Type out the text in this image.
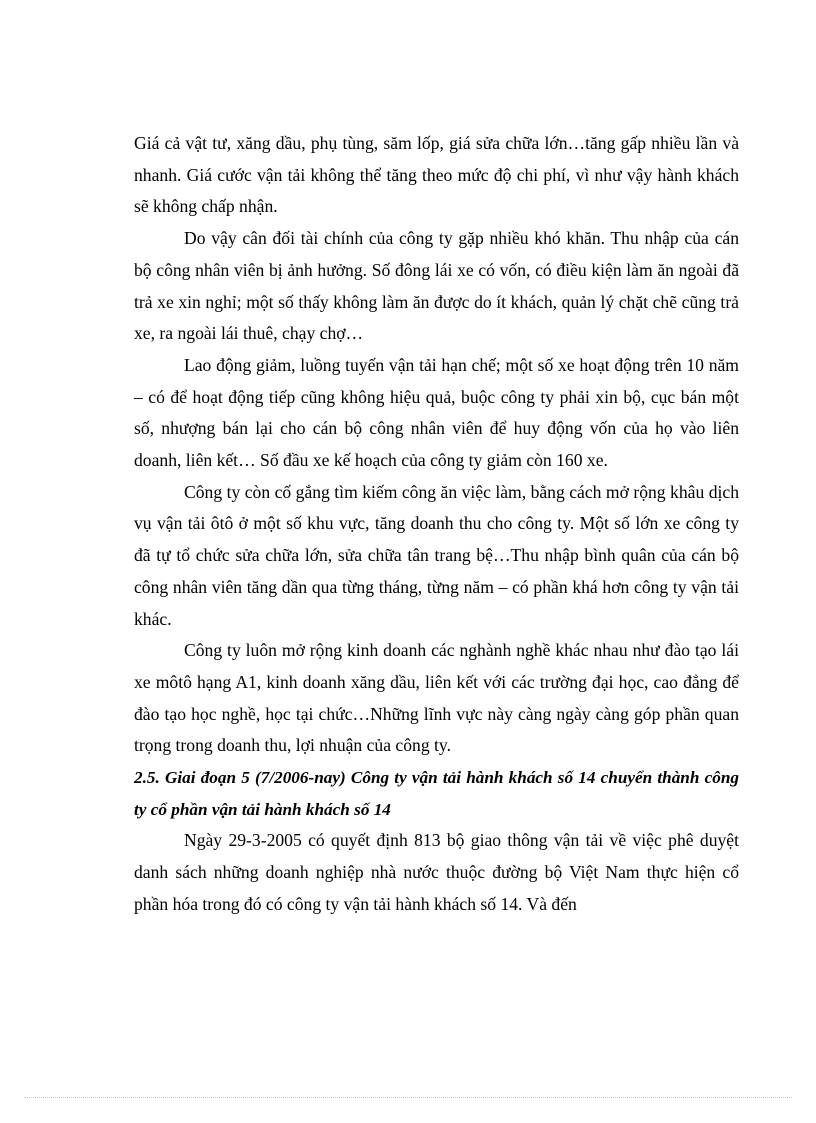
Giá cả vật tư, xăng dầu, phụ tùng, săm lốp, giá sửa chữa lớn…tăng gấp nhiều lần và nhanh. Giá cước vận tải không thể tăng theo mức độ chi phí, vì như vậy hành khách sẽ không chấp nhận.

Do vậy cân đối tài chính của công ty gặp nhiều khó khăn. Thu nhập của cán bộ công nhân viên bị ảnh hưởng. Số đông lái xe có vốn, có điều kiện làm ăn ngoài đã trả xe xin nghỉ; một số thấy không làm ăn được do ít khách, quản lý chặt chẽ cũng trả xe, ra ngoài lái thuê, chạy chợ…

Lao động giảm, luồng tuyến vận tải hạn chế; một số xe hoạt động trên 10 năm – có để hoạt động tiếp cũng không hiệu quả, buộc công ty phải xin bộ, cục bán một số, nhượng bán lại cho cán bộ công nhân viên để huy động vốn của họ vào liên doanh, liên kết… Số đầu xe kế hoạch của công ty giảm còn 160 xe.

Công ty còn cố gắng tìm kiếm công ăn việc làm, bằng cách mở rộng khâu dịch vụ vận tải ôtô ở một số khu vực, tăng doanh thu cho công ty. Một số lớn xe công ty đã tự tổ chức sửa chữa lớn, sửa chữa tân trang bệ…Thu nhập bình quân của cán bộ công nhân viên tăng dần qua từng tháng, từng năm – có phần khá hơn công ty vận tải khác.

Công ty luôn mở rộng kinh doanh các nghành nghề khác nhau như đào tạo lái xe môtô hạng A1, kinh doanh xăng dầu, liên kết với các trường đại học, cao đẳng để đào tạo học nghề, học tại chức…Những lĩnh vực này càng ngày càng góp phần quan trọng trong doanh thu, lợi nhuận của công ty.

2.5. Giai đoạn 5 (7/2006-nay) Công ty vận tải hành khách số 14 chuyển thành công ty cổ phần vận tải hành khách số 14

Ngày 29-3-2005 có quyết định 813 bộ giao thông vận tải về việc phê duyệt danh sách những doanh nghiệp nhà nước thuộc đường bộ Việt Nam thực hiện cổ phần hóa trong đó có công ty vận tải hành khách số 14. Và đến
